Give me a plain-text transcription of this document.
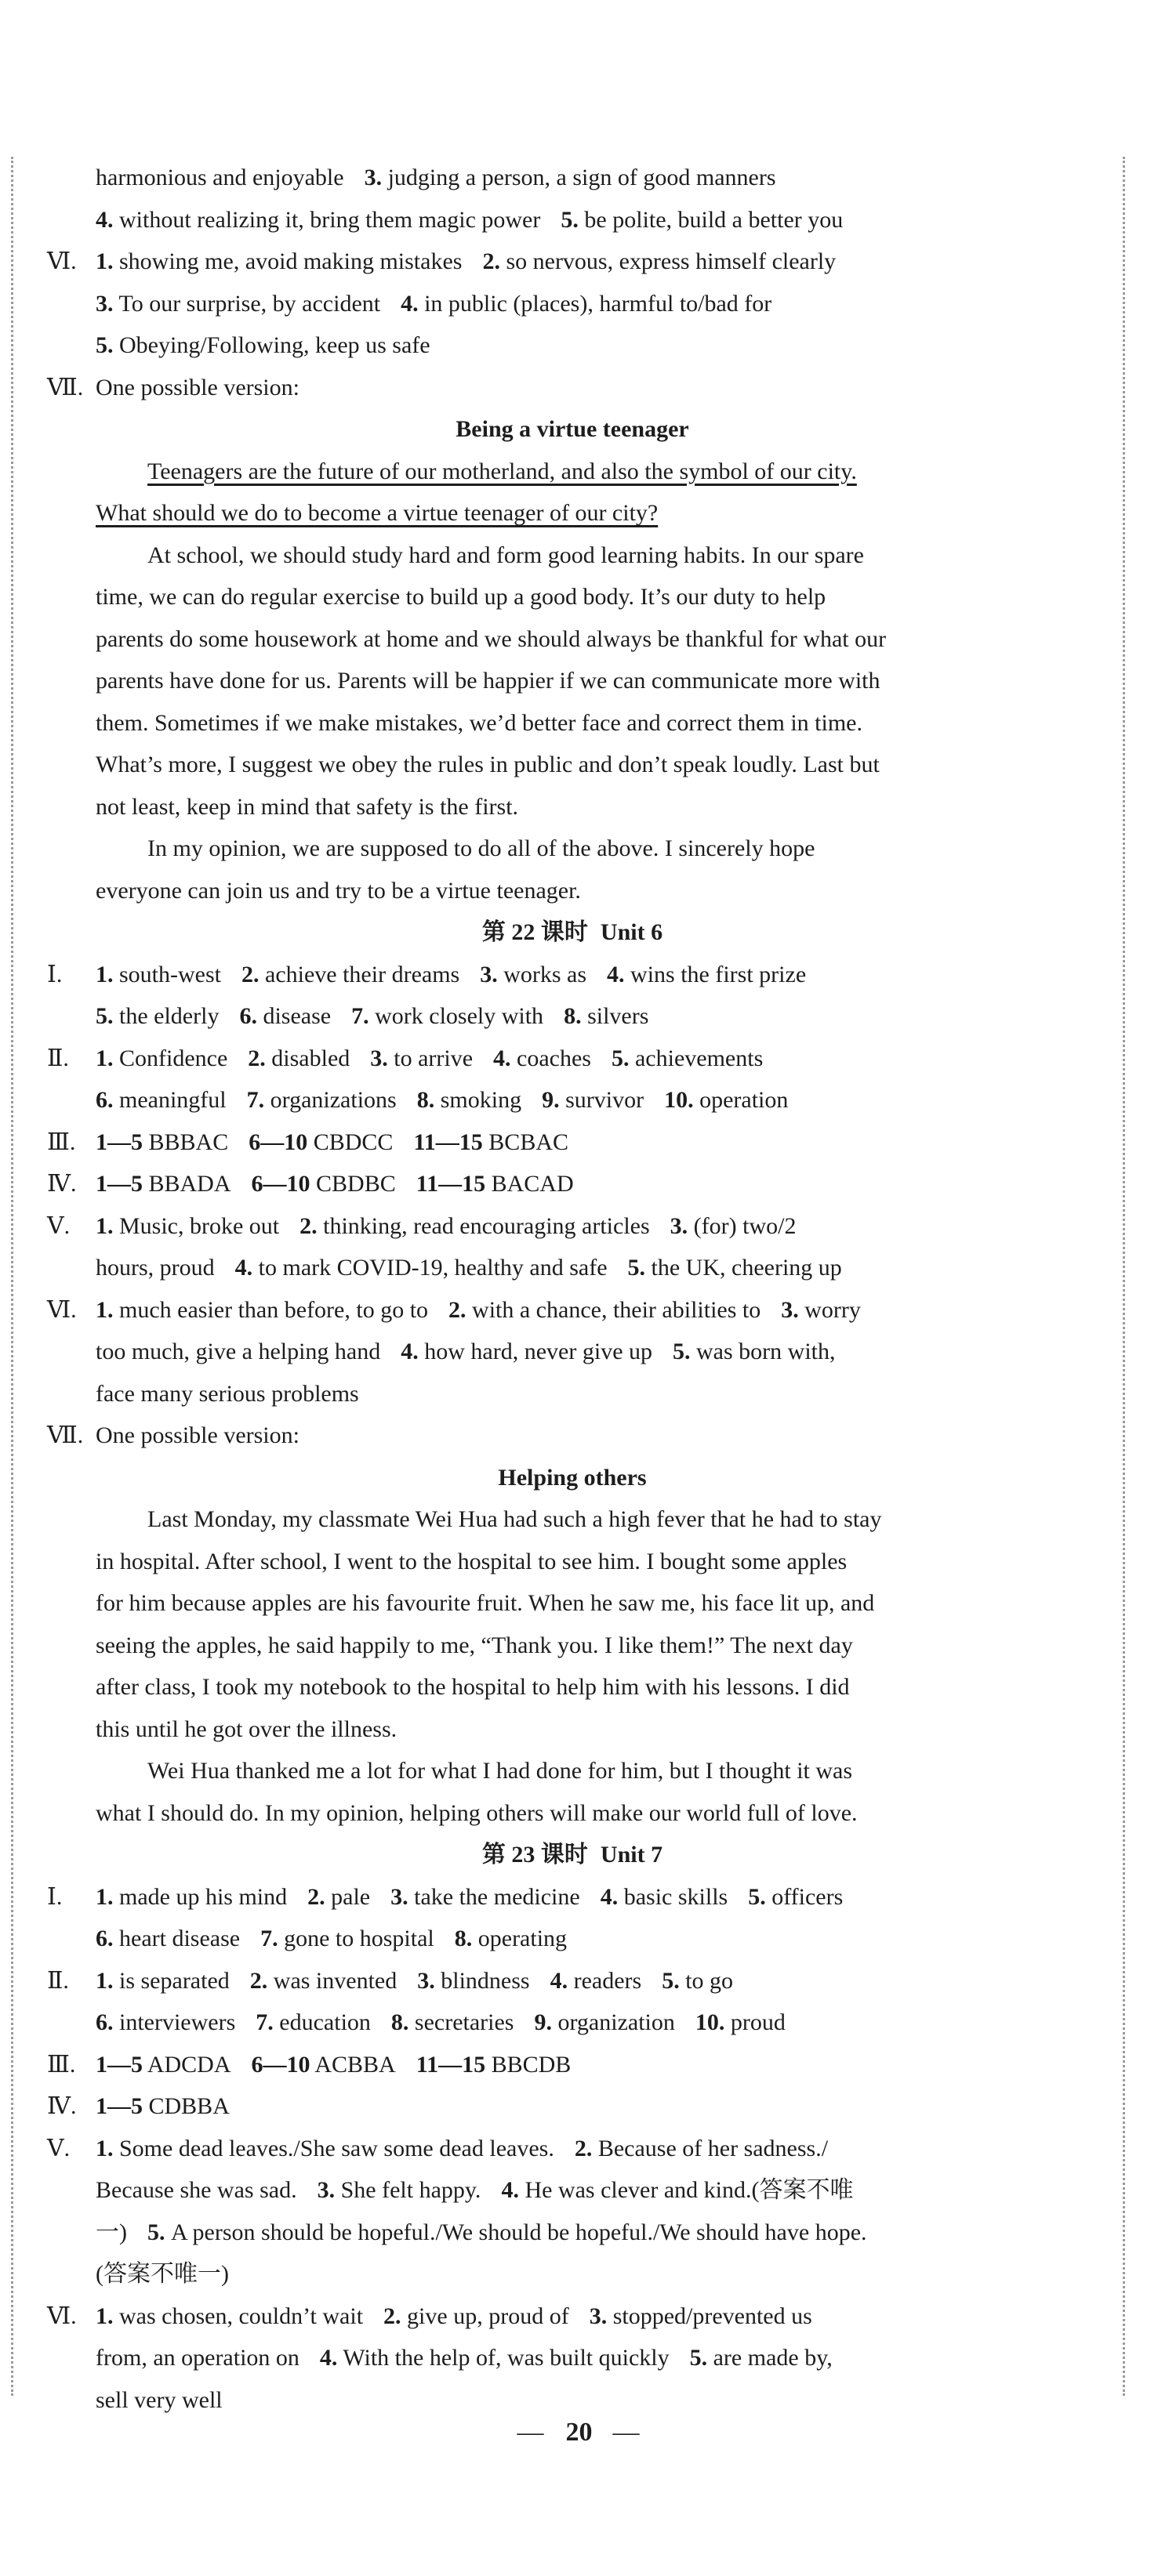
harmonious and enjoyable 3. judging a person, a sign of good manners
4. without realizing it, bring them magic power 5. be polite, build a better you
Ⅵ. 1. showing me, avoid making mistakes 2. so nervous, express himself clearly
3. To our surprise, by accident 4. in public (places), harmful to/bad for
5. Obeying/Following, keep us safe
Ⅶ. One possible version:
Being a virtue teenager
Teenagers are the future of our motherland, and also the symbol of our city.
What should we do to become a virtue teenager of our city?
At school, we should study hard and form good learning habits. In our spare
time, we can do regular exercise to build up a good body. It’s our duty to help
parents do some housework at home and we should always be thankful for what our
parents have done for us. Parents will be happier if we can communicate more with
them. Sometimes if we make mistakes, we’d better face and correct them in time.
What’s more, I suggest we obey the rules in public and don’t speak loudly. Last but
not least, keep in mind that safety is the first.
In my opinion, we are supposed to do all of the above. I sincerely hope
everyone can join us and try to be a virtue teenager.
第 22 课时 Unit 6
Ⅰ. 1. south-west 2. achieve their dreams 3. works as 4. wins the first prize
5. the elderly 6. disease 7. work closely with 8. silvers
Ⅱ. 1. Confidence 2. disabled 3. to arrive 4. coaches 5. achievements
6. meaningful 7. organizations 8. smoking 9. survivor 10. operation
Ⅲ. 1—5 BBBAC 6—10 CBDCC 11—15 BCBAC
Ⅳ. 1—5 BBADA 6—10 CBDBC 11—15 BACAD
Ⅴ. 1. Music, broke out 2. thinking, read encouraging articles 3. (for) two/2
hours, proud 4. to mark COVID-19, healthy and safe 5. the UK, cheering up
Ⅵ. 1. much easier than before, to go to 2. with a chance, their abilities to 3. worry
too much, give a helping hand 4. how hard, never give up 5. was born with,
face many serious problems
Ⅶ. One possible version:
Helping others
Last Monday, my classmate Wei Hua had such a high fever that he had to stay
in hospital. After school, I went to the hospital to see him. I bought some apples
for him because apples are his favourite fruit. When he saw me, his face lit up, and
seeing the apples, he said happily to me, “Thank you. I like them!” The next day
after class, I took my notebook to the hospital to help him with his lessons. I did
this until he got over the illness.
Wei Hua thanked me a lot for what I had done for him, but I thought it was
what I should do. In my opinion, helping others will make our world full of love.
第 23 课时 Unit 7
Ⅰ. 1. made up his mind 2. pale 3. take the medicine 4. basic skills 5. officers
6. heart disease 7. gone to hospital 8. operating
Ⅱ. 1. is separated 2. was invented 3. blindness 4. readers 5. to go
6. interviewers 7. education 8. secretaries 9. organization 10. proud
Ⅲ. 1—5 ADCDA 6—10 ACBBA 11—15 BBCDB
Ⅳ. 1—5 CDBBA
Ⅴ. 1. Some dead leaves./She saw some dead leaves. 2. Because of her sadness./
Because she was sad. 3. She felt happy. 4. He was clever and kind.(答案不唯
一) 5. A person should be hopeful./We should be hopeful./We should have hope.
(答案不唯一)
Ⅵ. 1. was chosen, couldn’t wait 2. give up, proud of 3. stopped/prevented us
from, an operation on 4. With the help of, was built quickly 5. are made by,
sell very well
— 20 —
